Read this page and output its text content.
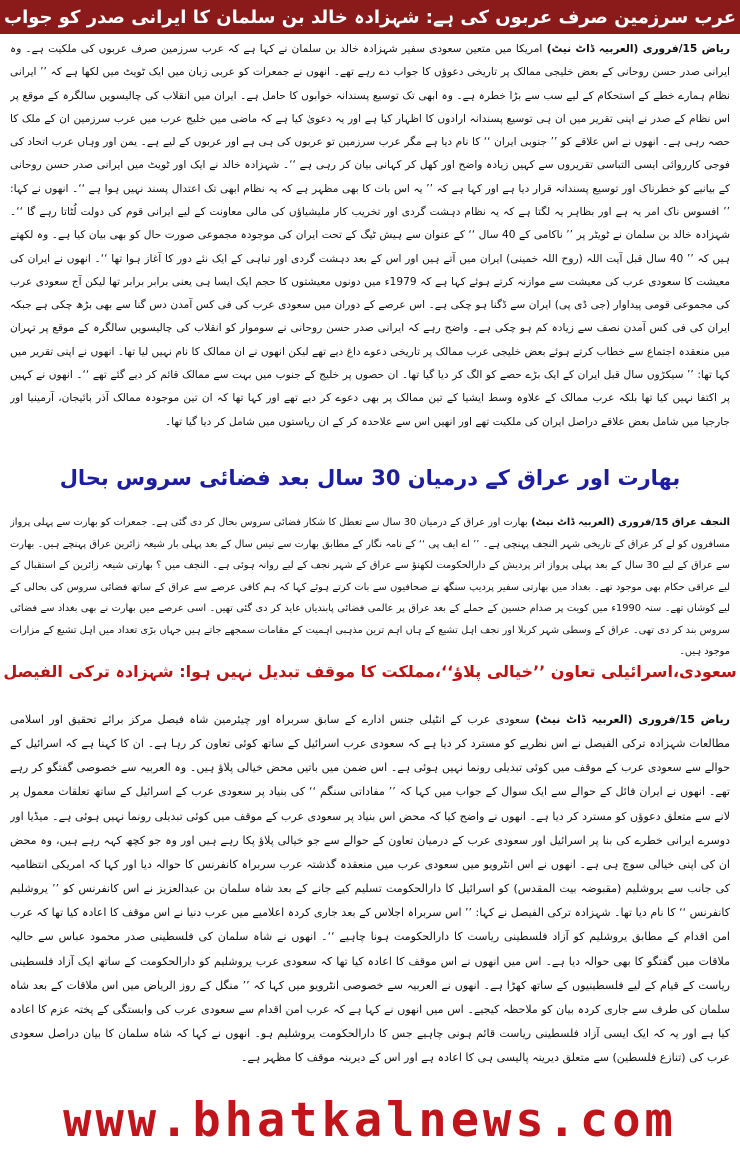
عرب سرزمین صرف عربوں کی ہے: شہزادہ خالد بن سلمان کا ایرانی صدر کو جواب

ریاض 15/فروری (العربیہ ڈاٹ نیٹ) امریکا میں متعین سعودی سفیر شہزادہ خالد بن سلمان نے کہا ہے کہ عرب سرزمین صرف عربوں کی ملکیت ہے۔ وہ ایرانی صدر حسن روحانی کے بعض خلیجی ممالک پر تاریخی دعوؤں کا جواب دے رہے تھے۔ انھوں نے جمعرات کو عربی زبان میں ایک ٹویٹ میں لکھا ہے کہ ’’ ایرانی نظام ہمارے خطے کے استحکام کے لیے سب سے بڑا خطرہ ہے۔ وہ ابھی تک توسیع پسندانہ خوابوں کا حامل ہے۔ ایران میں انقلاب کی چالیسویں سالگرہ کے موقع پر اس نظام کے صدر نے اپنی تقریر میں ان ہی توسیع پسندانہ ارادوں کا اظہار کیا ہے اور یہ دعویٰ کیا ہے کہ ماضی میں خلیج عرب میں عرب سرزمین ان کے ملک کا حصہ رہی ہے۔ انھوں نے اس علاقے کو ’’ جنوبی ایران ‘‘ کا نام دیا ہے مگر عرب سرزمین تو عربوں کی ہی ہے اور عربوں کے لیے ہے۔ یمن اور وہاں عرب اتحاد کی فوجی کارروائی ایسی التباسی تقریروں سے کہیں زیادہ واضح اور کھل کر کہانی بیان کر رہی ہے ‘‘۔ شہزادہ خالد نے ایک اور ٹویٹ میں ایرانی صدر حسن روحانی کے بیانیے کو خطرناک اور توسیع پسندانہ قرار دیا ہے اور کہا ہے کہ ’’ یہ اس بات کا بھی مظہر ہے کہ یہ نظام ابھی تک اعتدال پسند نہیں ہوا ہے ‘‘۔ انھوں نے کہا: ’’ افسوس ناک امر یہ ہے اور بظاہر یہ لگتا ہے کہ یہ نظام دہشت گردی اور تخریب کار ملیشیاؤں کی مالی معاونت کے لیے ایرانی قوم کی دولت لُٹاتا رہے گا ‘‘۔ شہزادہ خالد بن سلمان نے ٹویٹر پر ’’ ناکامی کے 40 سال ‘‘ کے عنوان سے ہیش ٹیگ کے تحت ایران کی موجودہ مجموعی صورت حال کو بھی بیان کیا ہے۔ وہ لکھتے ہیں کہ ’’ 40 سال قبل آیت اللہ (روح اللہ خمینی) ایران میں آتے ہیں اور اس کے بعد دہشت گردی اور تباہی کے ایک نئے دور کا آغاز ہوا تھا ‘‘۔ انھوں نے ایران کی معیشت کا سعودی عرب کی معیشت سے موازنہ کرتے ہوئے کہا ہے کہ 1979ء میں دونوں معیشتوں کا حجم ایک ایسا ہی یعنی برابر برابر تھا لیکن آج سعودی عرب کی مجموعی قومی پیداوار (جی ڈی پی) ایران سے ڈگنا ہو چکی ہے۔ اس عرصے کے دوران میں سعودی عرب کی فی کس آمدن دس گنا سے بھی بڑھ چکی ہے جبکہ ایران کی فی کس آمدن نصف سے زیادہ کم ہو چکی ہے۔ واضح رہے کہ ایرانی صدر حسن روحانی نے سوموار کو انقلاب کی چالیسویں سالگرہ کے موقع پر تہران میں منعقدہ اجتماع سے خطاب کرتے ہوئے بعض خلیجی عرب ممالک پر تاریخی دعوے داغ دیے تھے لیکن انھوں نے ان ممالک کا نام نہیں لیا تھا۔ انھوں نے اپنی تقریر میں کہا تھا: ’’ سیکڑوں سال قبل ایران کے ایک بڑے حصے کو الگ کر دیا گیا تھا۔ ان حصوں پر خلیج کے جنوب میں بہت سے ممالک قائم کر دیے گئے تھے ‘‘۔ انھوں نے کہیں پر اکتفا نہیں کیا تھا بلکہ عرب ممالک کے علاوہ وسط ایشیا کے تین ممالک پر بھی دعوے کر دیے تھے اور کہا تھا کہ ان تین موجودہ ممالک آذر بائیجان، آرمینیا اور جارجیا میں شامل بعض علاقے دراصل ایران کی ملکیت تھے اور انھیں اس سے علاحدہ کر کے ان ریاستوں میں شامل کر دیا گیا تھا۔

بھارت اور عراق کے درمیان 30 سال بعد فضائی سروس بحال

النجف عراق 15/فروری (العربیہ ڈاٹ نیٹ) بھارت اور عراق کے درمیان 30 سال سے تعطل کا شکار فضائی سروس بحال کر دی گئی ہے۔ جمعرات کو بھارت سے پہلی پرواز مسافروں کو لے کر عراق کے تاریخی شہر النجف پہنچی ہے۔ ’’ اے ایف پی ‘‘ کے نامہ نگار کے مطابق بھارت سے تیس سال کے بعد پہلی بار شیعہ زائرین عراق پہنچے ہیں۔ بھارت سے عراق کے لیے 30 سال کے بعد پہلی پرواز اتر پردیش کے دارالحکومت لکھنؤ سے عراق کے شہر نجف کے لیے روانہ ہوئی ہے۔ النجف میں ؟ بھارتی شیعہ زائرین کے استقبال کے لیے عراقی حکام بھی موجود تھے۔ بغداد میں بھارتی سفیر پردیپ سنگھ نے صحافیوں سے بات کرتے ہوئے کہا کہ ہم کافی عرصے سے عراق کے ساتھ فضائی سروس کی بحالی کے لیے کوشاں تھے۔ سنہ 1990ء میں کویت پر صدام حسین کے حملے کے بعد عراق پر عالمی فضائی پابندیاں عاید کر دی گئی تھیں۔ اسی عرصے میں بھارت نے بھی بغداد سے فضائی سروس بند کر دی تھی۔ عراق کے وسطی شہر کربلا اور نجف اہل تشیع کے ہاں اہم ترین مذہبی اہمیت کے مقامات سمجھے جاتے ہیں جہاں بڑی تعداد میں اہل تشیع کے مزارات موجود ہیں۔

سعودی،اسرائیلی تعاون ’’خیالی پلاؤ‘‘،مملکت کا موقف تبدیل نہیں ہوا: شہزادہ ترکی الفیصل

ریاض 15/فروری (العربیہ ڈاٹ نیٹ) سعودی عرب کے انٹیلی جنس ادارے کے سابق سربراہ اور چیئرمین شاہ فیصل مرکز برائے تحقیق اور اسلامی مطالعات شہزادہ ترکی الفیصل نے اس نظریے کو مسترد کر دیا ہے کہ سعودی عرب اسرائیل کے ساتھ کوئی تعاون کر رہا ہے۔ ان کا کہنا ہے کہ اسرائیل کے حوالے سے سعودی عرب کے موقف میں کوئی تبدیلی رونما نہیں ہوئی ہے۔ اس ضمن میں باتیں محض خیالی پلاؤ ہیں۔ وہ العربیہ سے خصوصی گفتگو کر رہے تھے۔ انھوں نے ایران فائل کے حوالے سے ایک سوال کے جواب میں کہا کہ ’’ مفاداتی سنگم ‘‘ کی بنیاد پر سعودی عرب کے اسرائیل کے ساتھ تعلقات معمول پر لانے سے متعلق دعوؤں کو مسترد کر دیا ہے۔ انھوں نے واضح کیا کہ محض اس بنیاد پر سعودی عرب کے موقف میں کوئی تبدیلی رونما نہیں ہوئی ہے۔ میڈیا اور دوسرے ایرانی خطرے کی بنا پر اسرائیل اور سعودی عرب کے درمیان تعاون کے حوالے سے جو خیالی پلاؤ پکا رہے ہیں اور وہ جو کچھ کہہ رہے ہیں، وہ محض ان کی اپنی خیالی سوچ ہی ہے۔ انھوں نے اس انٹرویو میں سعودی عرب میں منعقدہ گذشتہ عرب سربراہ کانفرنس کا حوالہ دیا اور کہا کہ امریکی انتظامیہ کی جانب سے یروشلیم (مقبوضہ بیت المقدس) کو اسرائیل کا دارالحکومت تسلیم کیے جانے کے بعد شاہ سلمان بن عبدالعزیز نے اس کانفرنس کو ’’ یروشلیم کانفرنس ‘‘ کا نام دیا تھا۔ شہزادہ ترکی الفیصل نے کہا: ’’ اس سربراہ اجلاس کے بعد جاری کردہ اعلامیے میں عرب دنیا نے اس موقف کا اعادہ کیا تھا کہ عرب امن اقدام کے مطابق یروشلیم کو آزاد فلسطینی ریاست کا دارالحکومت ہونا چاہیے ‘‘۔ انھوں نے شاہ سلمان کی فلسطینی صدر محمود عباس سے حالیہ ملاقات میں گفتگو کا بھی حوالہ دیا ہے۔ اس میں انھوں نے اس موقف کا اعادہ کیا تھا کہ سعودی عرب یروشلیم کو دارالحکومت کے ساتھ ایک آزاد فلسطینی ریاست کے قیام کے لیے فلسطینیوں کے ساتھ کھڑا ہے۔ انھوں نے العربیہ سے خصوصی انٹرویو میں کہا کہ ’’ منگل کے روز الریاض میں اس ملاقات کے بعد شاہ سلمان کی طرف سے جاری کردہ بیان کو ملاحظہ کیجیے۔ اس میں انھوں نے کہا ہے کہ عرب امن اقدام سے سعودی عرب کی وابستگی کے پختہ عزم کا اعادہ کیا ہے اور یہ کہ ایک ایسی آزاد فلسطینی ریاست قائم ہونی چاہیے جس کا دارالحکومت یروشلیم ہو۔ انھوں نے کہا کہ شاہ سلمان کا بیان دراصل سعودی عرب کی (تنازع فلسطین) سے متعلق دیرینہ پالیسی ہی کا اعادہ ہے اور اس کے دیرینہ موقف کا مظہر ہے۔

www.bhatkalnews.com
